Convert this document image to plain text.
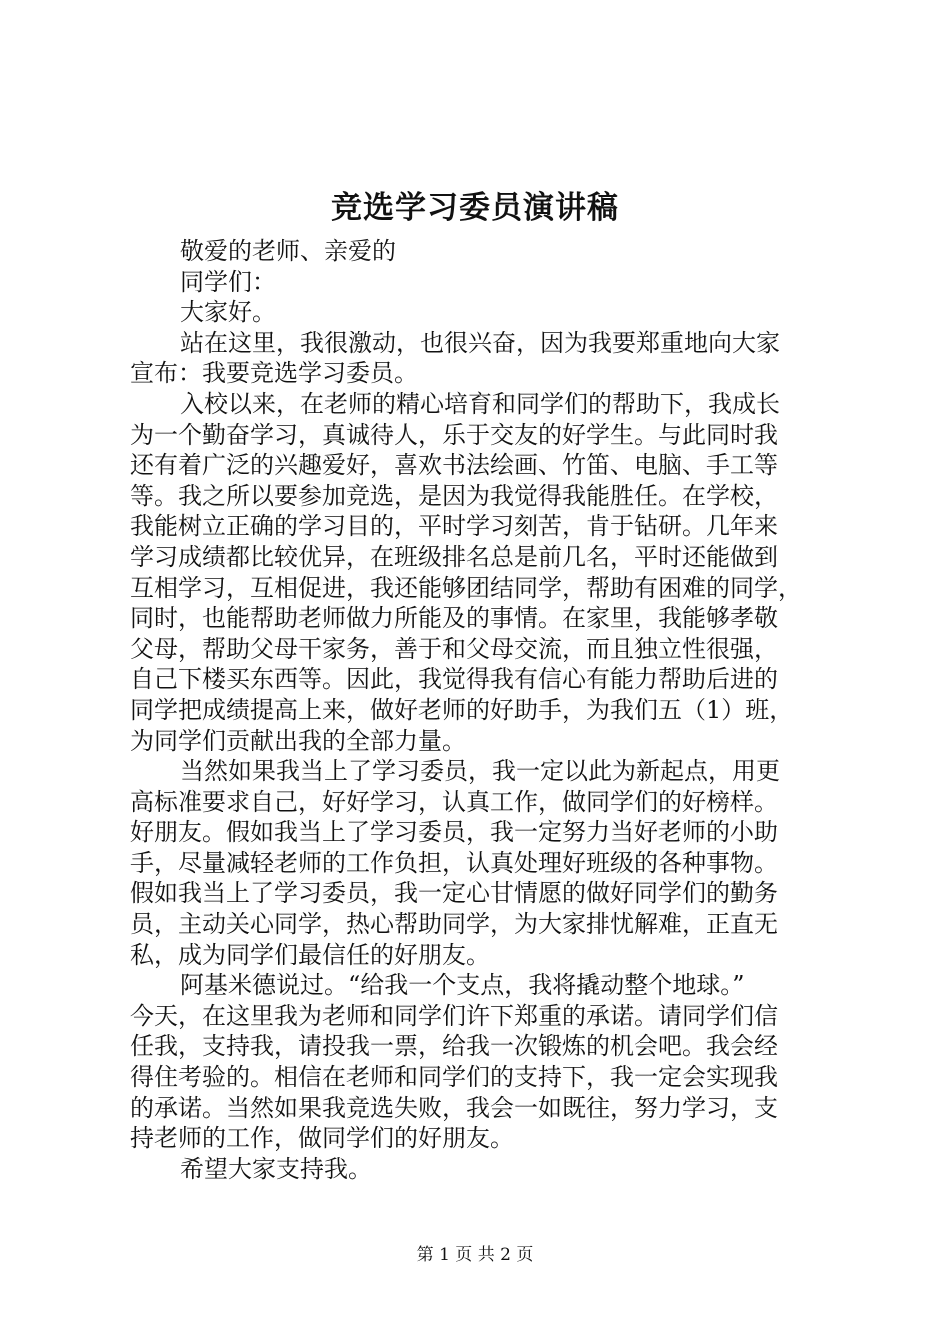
竞选学习委员演讲稿
敬爱的老师、亲爱的
同学们：
大家好。
站在这里，我很激动，也很兴奋，因为我要郑重地向大家
宣布：我要竞选学习委员。
入校以来，在老师的精心培育和同学们的帮助下，我成长
为一个勤奋学习，真诚待人，乐于交友的好学生。与此同时我
还有着广泛的兴趣爱好，喜欢书法绘画、竹笛、电脑、手工等
等。我之所以要参加竞选，是因为我觉得我能胜任。在学校，
我能树立正确的学习目的，平时学习刻苦，肯于钻研。几年来
学习成绩都比较优异，在班级排名总是前几名，平时还能做到
互相学习，互相促进，我还能够团结同学，帮助有困难的同学，
同时，也能帮助老师做力所能及的事情。在家里，我能够孝敬
父母，帮助父母干家务，善于和父母交流，而且独立性很强，
自己下楼买东西等。因此，我觉得我有信心有能力帮助后进的
同学把成绩提高上来，做好老师的好助手，为我们五（1）班，
为同学们贡献出我的全部力量。
当然如果我当上了学习委员，我一定以此为新起点，用更
高标准要求自己，好好学习，认真工作，做同学们的好榜样。
好朋友。假如我当上了学习委员，我一定努力当好老师的小助
手，尽量减轻老师的工作负担，认真处理好班级的各种事物。
假如我当上了学习委员，我一定心甘情愿的做好同学们的勤务
员，主动关心同学，热心帮助同学，为大家排忧解难，正直无
私，成为同学们最信任的好朋友。
阿基米德说过。“给我一个支点，我将撬动整个地球。”
今天，在这里我为老师和同学们许下郑重的承诺。请同学们信
任我，支持我，请投我一票，给我一次锻炼的机会吧。我会经
得住考验的。相信在老师和同学们的支持下，我一定会实现我
的承诺。当然如果我竞选失败，我会一如既往，努力学习，支
持老师的工作，做同学们的好朋友。
希望大家支持我。
第 1 页 共 2 页
